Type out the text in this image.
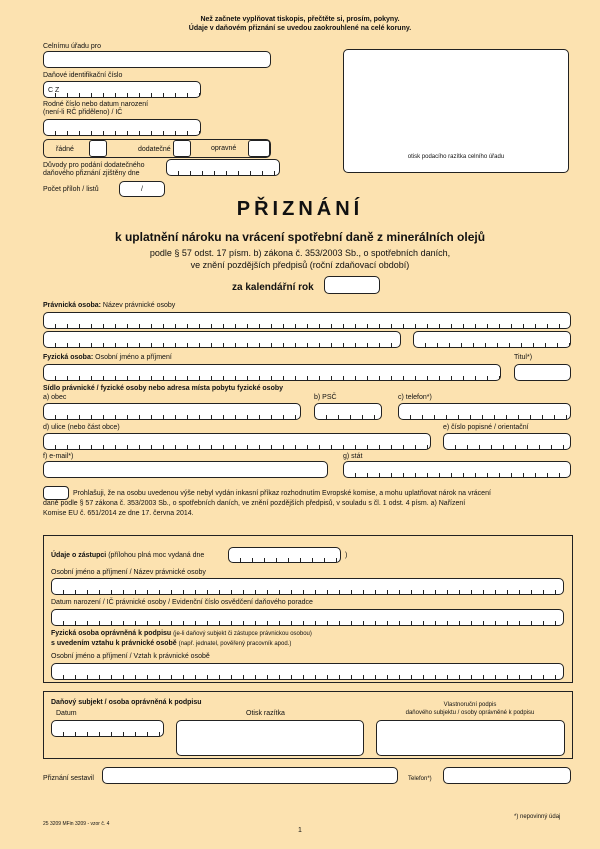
Než začnete vyplňovat tiskopis, přečtěte si, prosím, pokyny.
Údaje v daňovém přiznání se uvedou zaokrouhlené na celé koruny.
Celnímu úřadu pro
Daňové identifikační číslo
C Z
Rodné číslo nebo datum narození
(není-li RČ přiděleno) / IČ
řádné	dodatečné	opravné
Důvody pro podání dodatečného
daňového přiznání zjištěny dne
Počet příloh / listů	/
otisk podacího razítka celního úřadu
PŘIZNÁNÍ
k uplatnění nároku na vrácení spotřební daně z minerálních olejů
podle § 57 odst. 17 písm. b) zákona č. 353/2003 Sb., o spotřebních daních,
ve znění pozdějších předpisů (roční zdaňovací období)
za kalendářní rok
Právnická osoba: Název právnické osoby
Fyzická osoba: Osobní jméno a příjmení	Titul*)
Sídlo právnické / fyzické osoby nebo adresa místa pobytu fyzické osoby
a) obec	b) PSČ	c) telefon*)
d) ulice (nebo část obce)	e) číslo popisné / orientační
f) e-mail*)	g) stát
Prohlašuji, že na osobu uvedenou výše nebyl vydán inkasní příkaz rozhodnutím Evropské komise, a mohu uplatňovat nárok na vrácení
daně podle § 57 zákona č. 353/2003 Sb., o spotřebních daních, ve znění pozdějších předpisů, v souladu s čl. 1 odst. 4 písm. a) Nařízení
Komise EU č. 651/2014 ze dne 17. června 2014.
Údaje o zástupci (přílohou plná moc vydaná dne	)
Osobní jméno a příjmení / Název právnické osoby
Datum narození / IČ právnické osoby / Evidenční číslo osvědčení daňového poradce
Fyzická osoba oprávněná k podpisu (je-li daňový subjekt či zástupce právnickou osobou)
s uvedením vztahu k právnické osobě (např. jednatel, pověřený pracovník apod.)
Osobní jméno a příjmení / Vztah k právnické osobě
Daňový subjekt / osoba oprávněná k podpisu
Datum	Otisk razítka
Vlastnoruční podpis
daňového subjektu / osoby oprávněné k podpisu
Přiznání sestavil	Telefon*)
*) nepovinný údaj
25 3209 MFin 3209 - vzor č. 4
1
